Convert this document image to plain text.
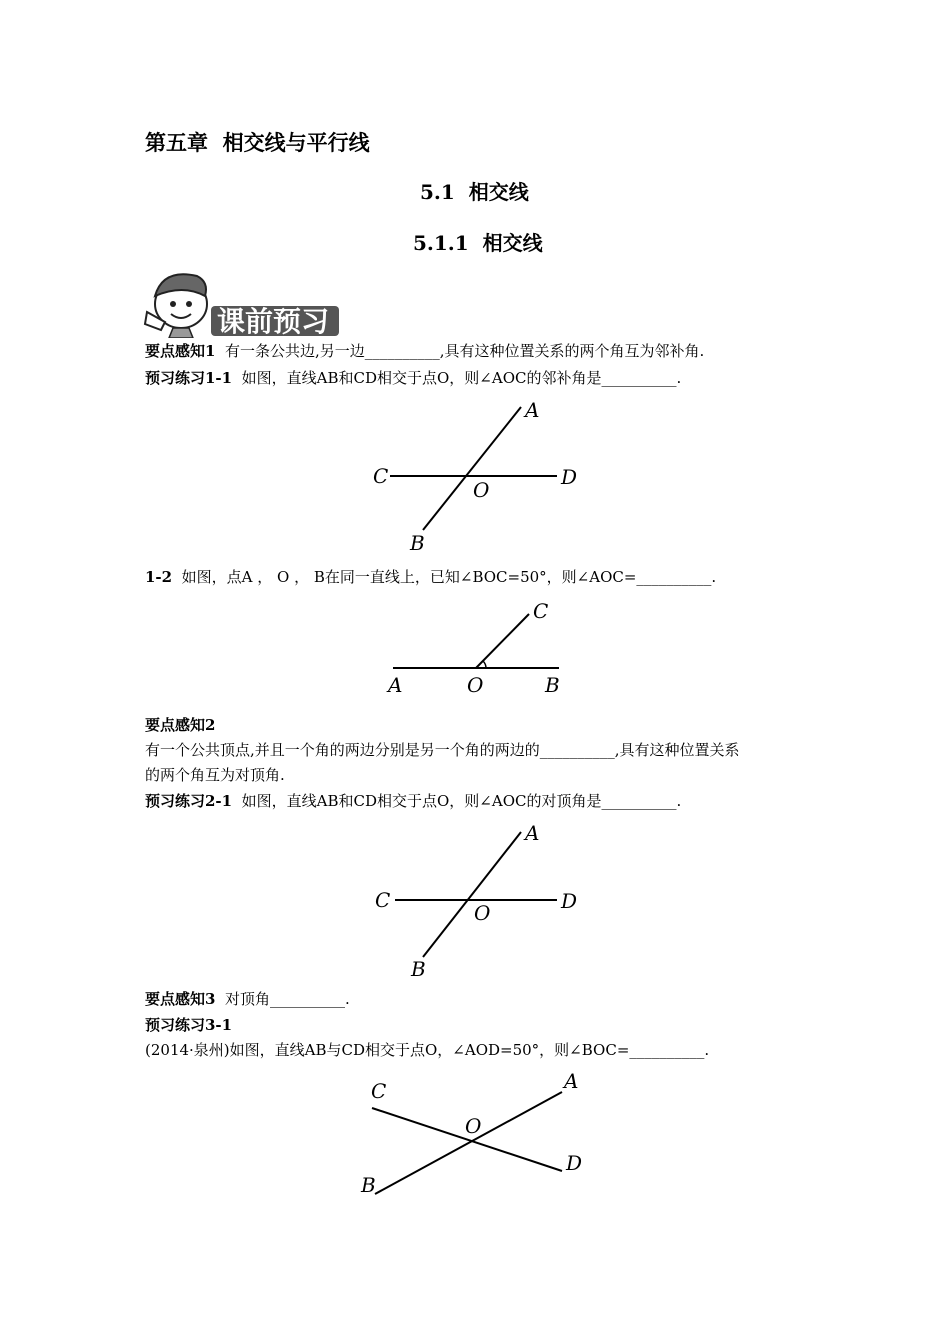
第五章  相交线与平行线
5.1  相交线
5.1.1  相交线
课前预习
要点感知1  有一条公共边,另一边__________,具有这种位置关系的两个角互为邻补角.
预习练习1-1  如图，直线AB和CD相交于点O，则∠AOC的邻补角是__________.
A
B
C	D
O
1-2  如图，点A ， O ， B在同一直线上，已知∠BOC=50°，则∠AOC=__________.
C
A	O	B
要点感知2
有一个公共顶点,并且一个角的两边分别是另一个角的两边的__________,具有这种位置关系
的两个角互为对顶角.
预习练习2-1  如图，直线AB和CD相交于点O，则∠AOC的对顶角是__________.
A
B
C	D
O
要点感知3  对顶角__________.
预习练习3-1
(2014·泉州)如图，直线AB与CD相交于点O，∠AOD=50°，则∠BOC=__________.
C	A
O
D
B
